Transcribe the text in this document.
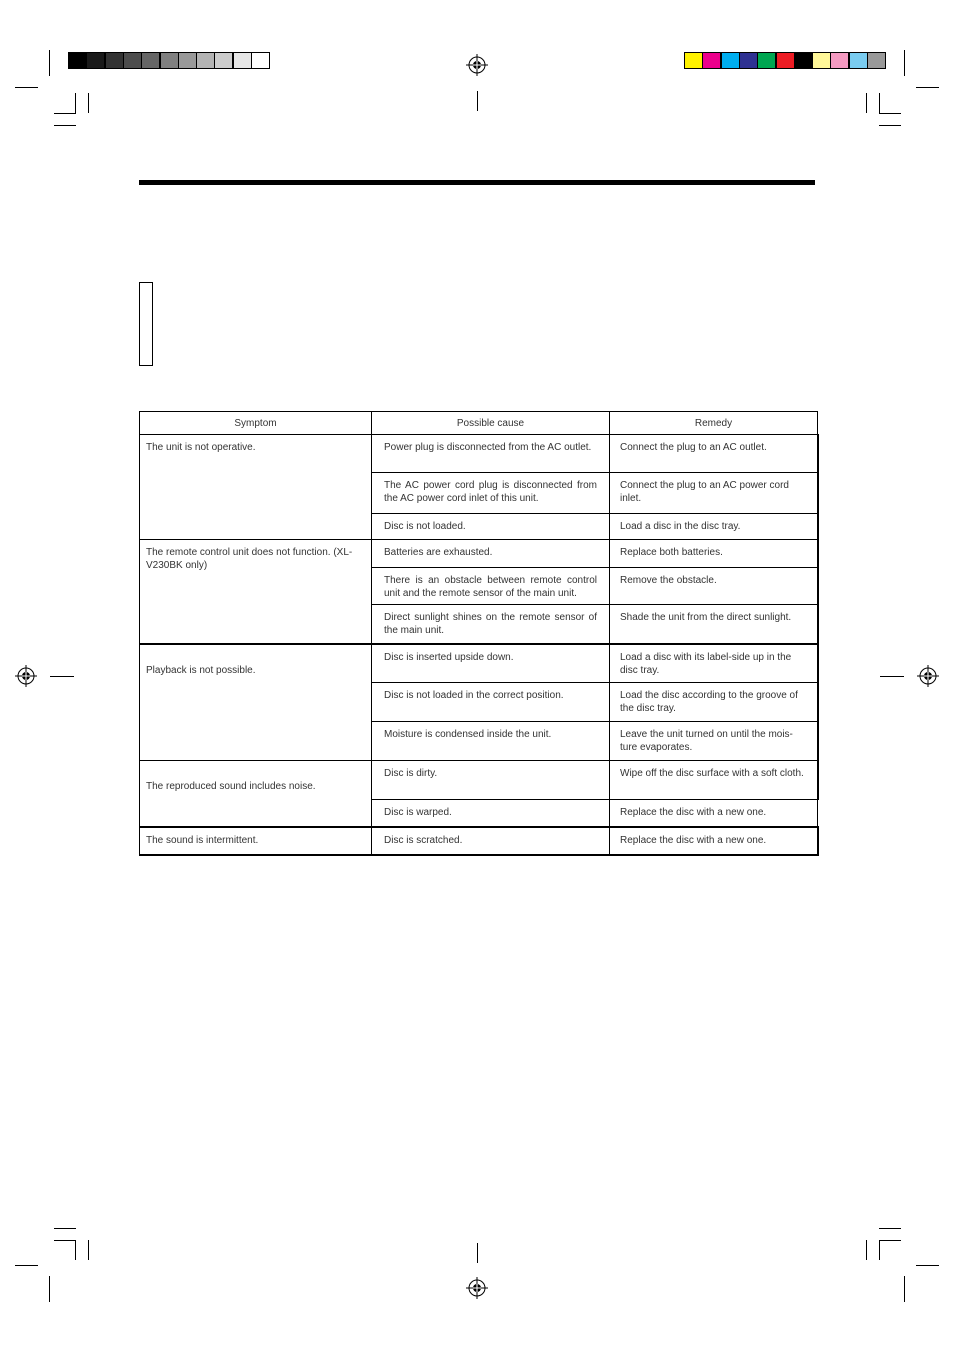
Symptom	Possible cause	Remedy
The unit is not operative.	Power plug is disconnected from the AC outlet.	Connect the plug to an AC outlet.
	The AC power cord plug is disconnected from the AC power cord inlet of this unit.	Connect the plug to an AC power cord inlet.
	Disc is not loaded.	Load a disc in the disc tray.
The remote control unit does not function. (XL-V230BK only)	Batteries are exhausted.	Replace both batteries.
	There is an obstacle between remote control unit and the remote sensor of the main unit.	Remove the obstacle.
	Direct sunlight shines on the remote sensor of the main unit.	Shade the unit from the direct sunlight.
Playback is not possible.	Disc is inserted upside down.	Load a disc with its label-side up in the disc tray.
	Disc is not loaded in the correct position.	Load the disc according to the groove of the disc tray.
	Moisture is condensed inside the unit.	Leave the unit turned on until the mois- ture evaporates.
The reproduced sound includes noise.	Disc is dirty.	Wipe off the disc surface with a soft cloth.
	Disc is warped.	Replace the disc with a new one.
The sound is intermittent.	Disc is scratched.	Replace the disc with a new one.
